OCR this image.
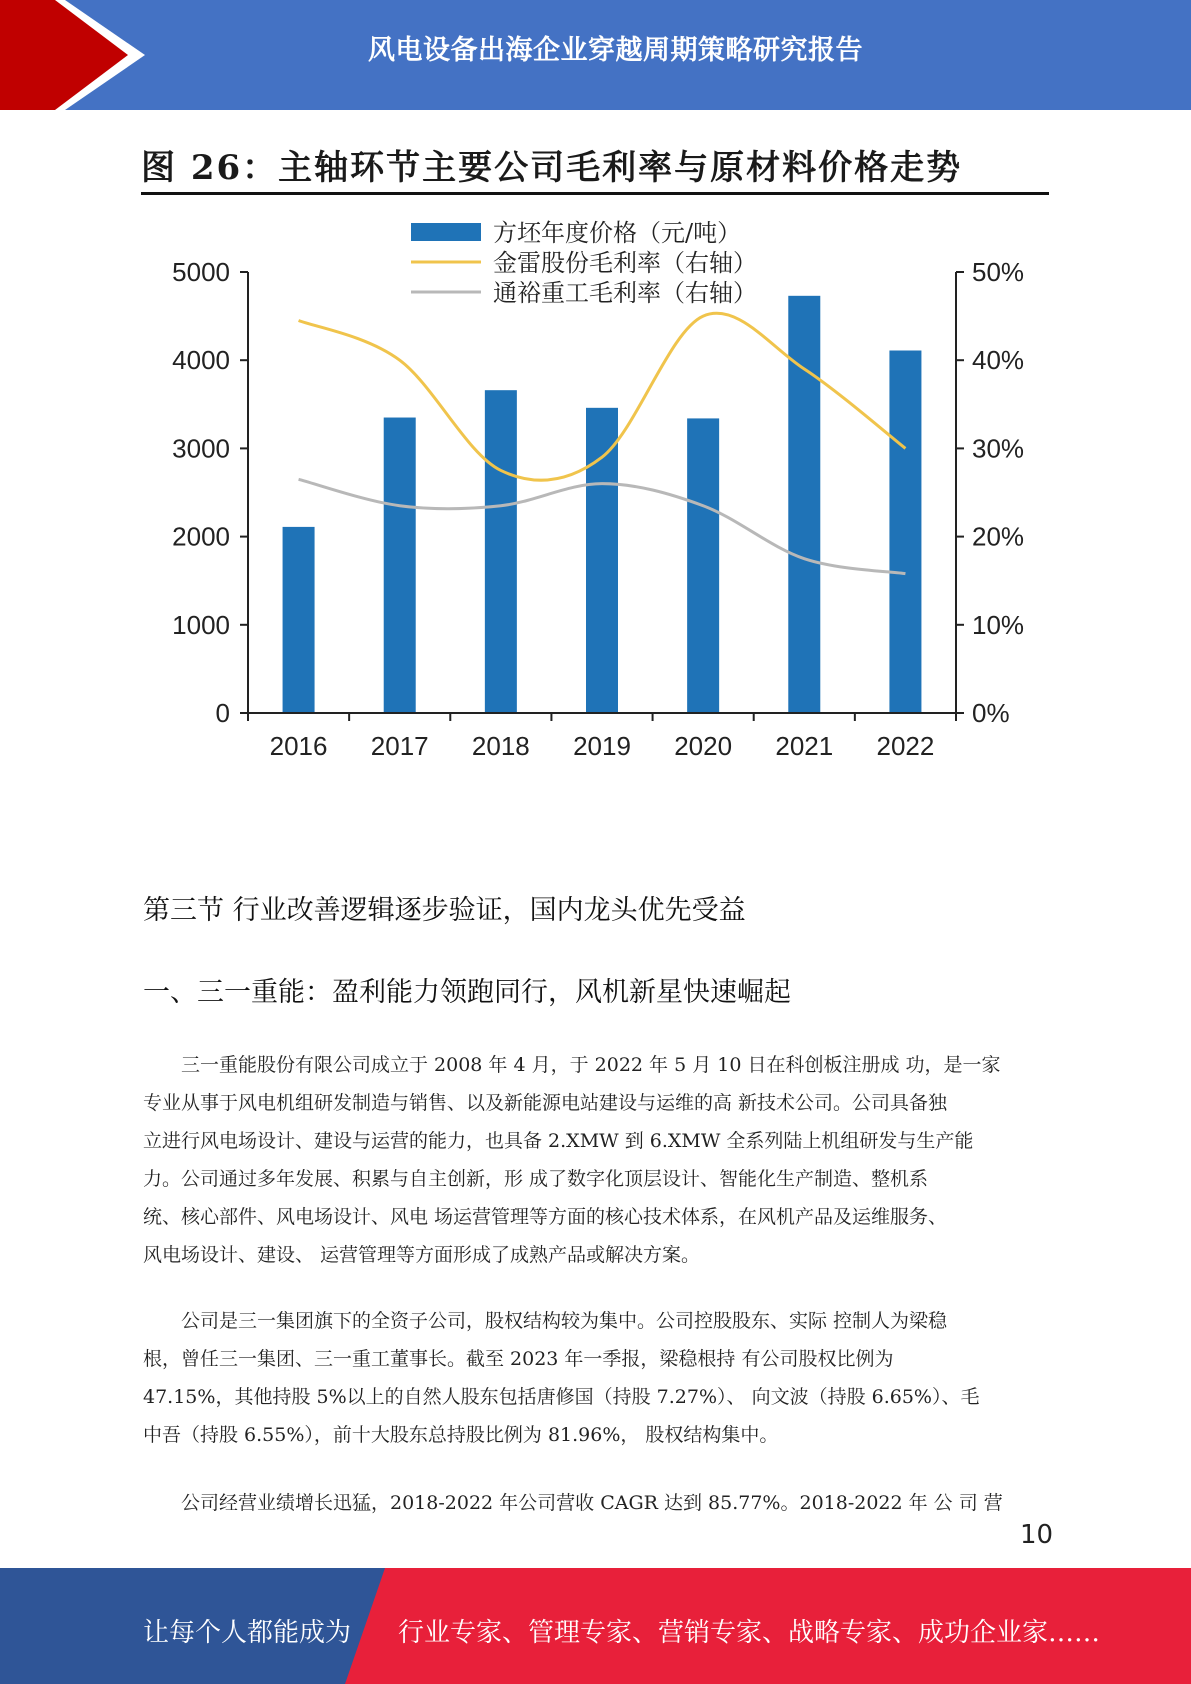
风电设备出海企业穿越周期策略研究报告
图 26：主轴环节主要公司毛利率与原材料价格走势
2016 2017 2018 2019 2020 2021 2022
0
1000
2000
3000
4000
5000
0%
10%
20%
30%
40%
50%
方坯年度价格（元/吨）
金雷股份毛利率（右轴）
通裕重工毛利率（右轴）
第三节 行业改善逻辑逐步验证，国内龙头优先受益
一、三一重能：盈利能力领跑同行，风机新星快速崛起

　　三一重能股份有限公司成立于 2008 年 4 月，于 2022 年 5 月 10 日在科创板注册成 功，是一家
专业从事于风电机组研发制造与销售、以及新能源电站建设与运维的高 新技术公司。公司具备独
立进行风电场设计、建设与运营的能力，也具备 2.XMW 到 6.XMW 全系列陆上机组研发与生产能
力。公司通过多年发展、积累与自主创新，形 成了数字化顶层设计、智能化生产制造、整机系
统、核心部件、风电场设计、风电 场运营管理等方面的核心技术体系，在风机产品及运维服务、
风电场设计、建设、 运营管理等方面形成了成熟产品或解决方案。

　　公司是三一集团旗下的全资子公司，股权结构较为集中。公司控股股东、实际 控制人为梁稳
根，曾任三一集团、三一重工董事长。截至 2023 年一季报，梁稳根持 有公司股权比例为
47.15%，其他持股 5%以上的自然人股东包括唐修国（持股 7.27%）、 向文波（持股 6.65%）、毛
中吾（持股 6.55%），前十大股东总持股比例为 81.96%， 股权结构集中。

　　公司经营业绩增长迅猛，2018-2022 年公司营收 CAGR 达到 85.77%。2018-2022 年 公 司 营

10
让每个人都能成为 行业专家、管理专家、营销专家、战略专家、成功企业家……
